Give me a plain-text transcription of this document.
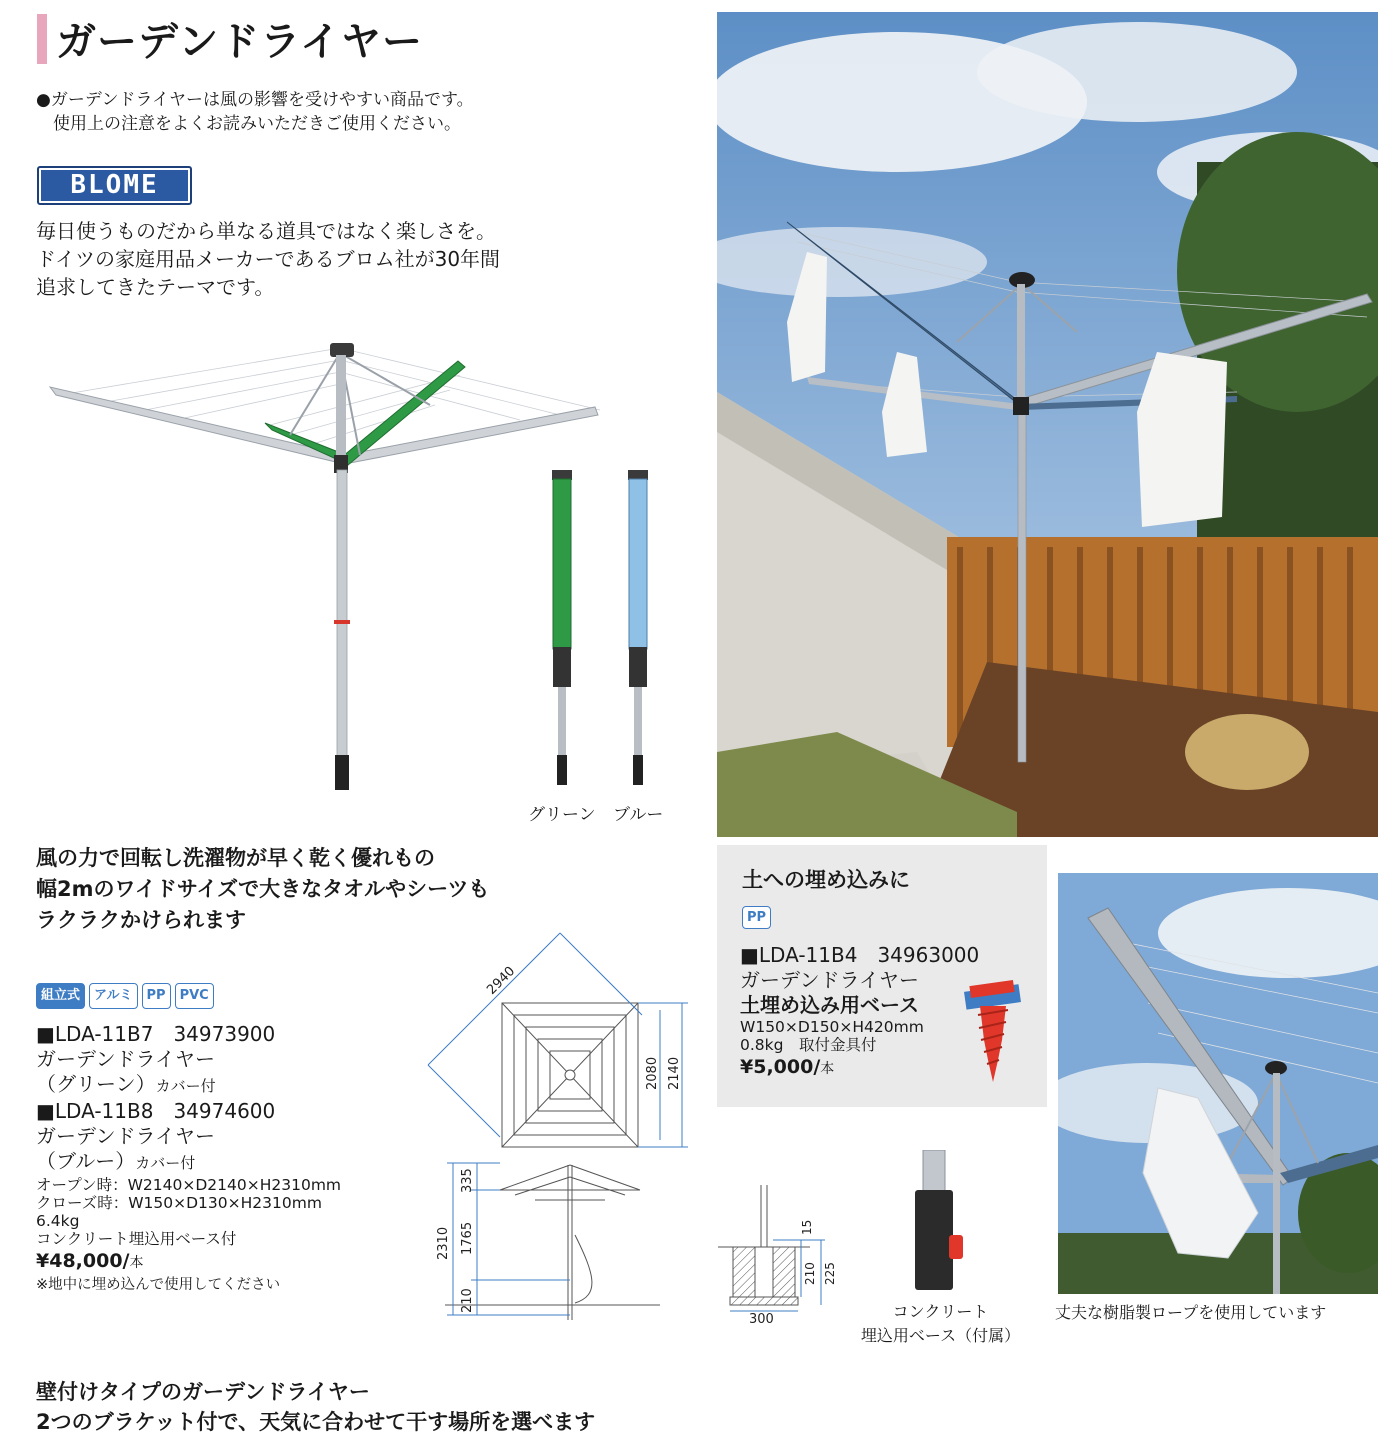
ガーデンドライヤー
●ガーデンドライヤーは風の影響を受けやすい商品です。
　使用上の注意をよくお読みいただきご使用ください。
BLOME
毎日使うものだから単なる道具ではなく楽しさを。
ドイツの家庭用品メーカーであるブロム社が30年間
追求してきたテーマです。
グリーン ブルー
風の力で回転し洗濯物が早く乾く優れもの
幅2mのワイドサイズで大きなタオルやシーツも
ラクラクかけられます
組立式	アルミ	PP	PVC
■LDA-11B7　34973900
ガーデンドライヤー
（グリーン）カバー付
■LDA-11B8　34974600
ガーデンドライヤー
（ブルー）カバー付
オープン時：W2140×D2140×H2310mm
クローズ時：W150×D130×H2310mm
6.4kg
コンクリート埋込用ベース付
¥48,000/本
※地中に埋め込んで使用してください
2940
2080 2140
2310
335
1765
210
300
15
210 225
コンクリート
埋込用ベース（付属）
土への埋め込みに
PP
■LDA-11B4　34963000
ガーデンドライヤー
土埋め込み用ベース
W150×D150×H420mm
0.8kg　取付金具付
¥5,000/本
丈夫な樹脂製ロープを使用しています
壁付けタイプのガーデンドライヤー
2つのブラケット付で、天気に合わせて干す場所を選べます
